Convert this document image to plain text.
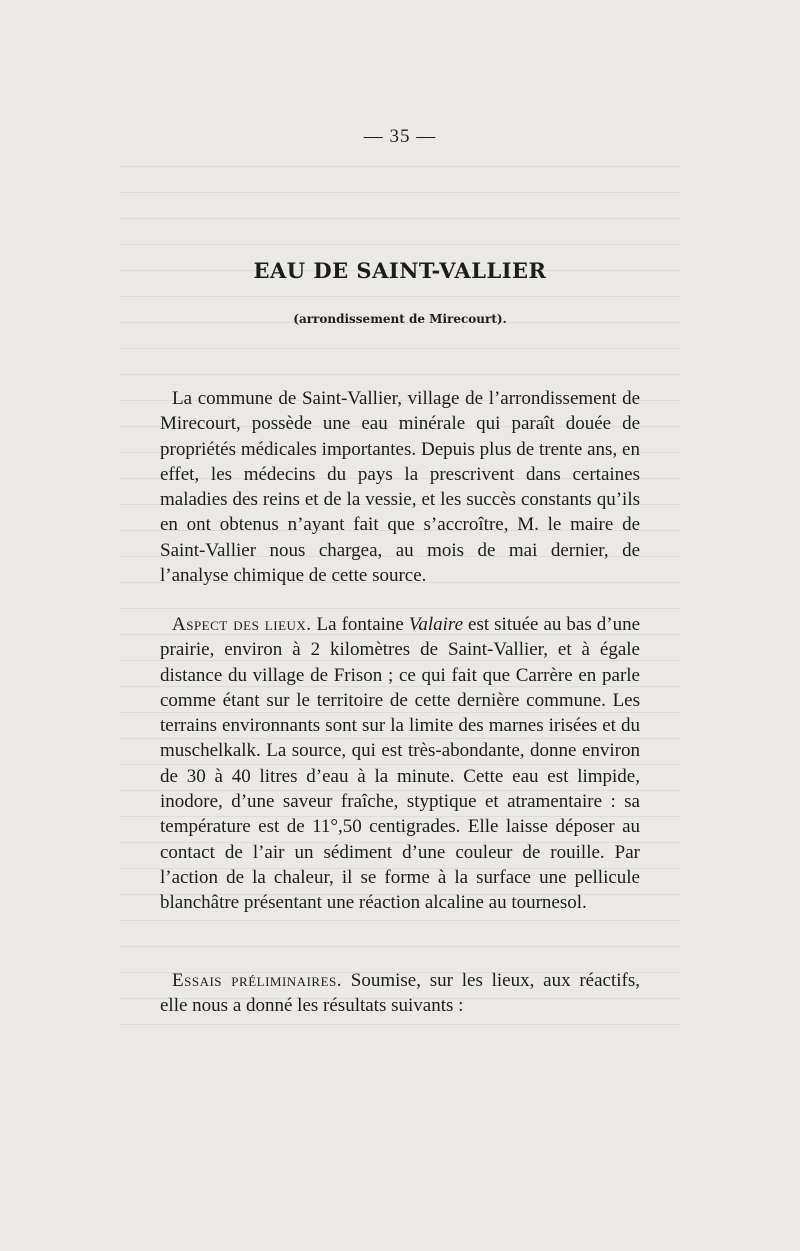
— 35 —
EAU DE SAINT-VALLIER
(arrondissement de Mirecourt).

La commune de Saint-Vallier, village de l’arrondissement de Mirecourt, possède une eau minérale qui paraît douée de propriétés médicales importantes. Depuis plus de trente ans, en effet, les médecins du pays la prescrivent dans certaines maladies des reins et de la vessie, et les succès constants qu’ils en ont obtenus n’ayant fait que s’accroître, M. le maire de Saint-Vallier nous chargea, au mois de mai dernier, de l’analyse chimique de cette source.

Aspect des lieux. La fontaine Valaire est située au bas d’une prairie, environ à 2 kilomètres de Saint-Vallier, et à égale distance du village de Frison ; ce qui fait que Carrère en parle comme étant sur le territoire de cette dernière commune. Les terrains environnants sont sur la limite des marnes irisées et du muschelkalk. La source, qui est très-abondante, donne environ de 30 à 40 litres d’eau à la minute. Cette eau est limpide, inodore, d’une saveur fraîche, styptique et atramentaire : sa température est de 11°,50 centigrades. Elle laisse déposer au contact de l’air un sédiment d’une couleur de rouille. Par l’action de la chaleur, il se forme à la surface une pellicule blanchâtre présentant une réaction alcaline au tournesol.

Essais préliminaires. Soumise, sur les lieux, aux réactifs, elle nous a donné les résultats suivants :
